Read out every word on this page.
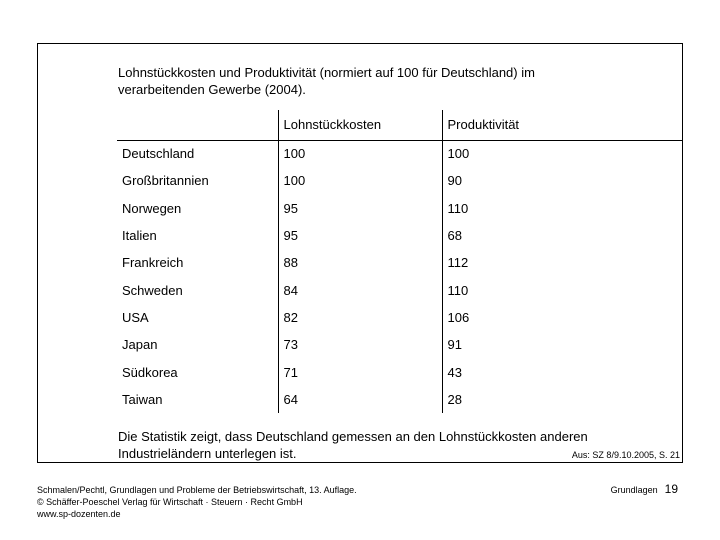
Lohnstückkosten und Produktivität (normiert auf 100 für Deutschland) im
verarbeitenden Gewerbe (2004).
	Lohnstückkosten	Produktivität
Deutschland	100	100
Großbritannien	100	90
Norwegen	95	110
Italien	95	68
Frankreich	88	112
Schweden	84	110
USA	82	106
Japan	73	91
Südkorea	71	43
Taiwan	64	28
Die Statistik zeigt, dass Deutschland gemessen an den Lohnstückkosten anderen
Industrieländern unterlegen ist.	Aus: SZ 8/9.10.2005, S. 21
Schmalen/Pechtl, Grundlagen und Probleme der Betriebswirtschaft, 13. Auflage.
© Schäffer-Poeschel Verlag für Wirtschaft · Steuern · Recht GmbH
www.sp-dozenten.de
Grundlagen 19
